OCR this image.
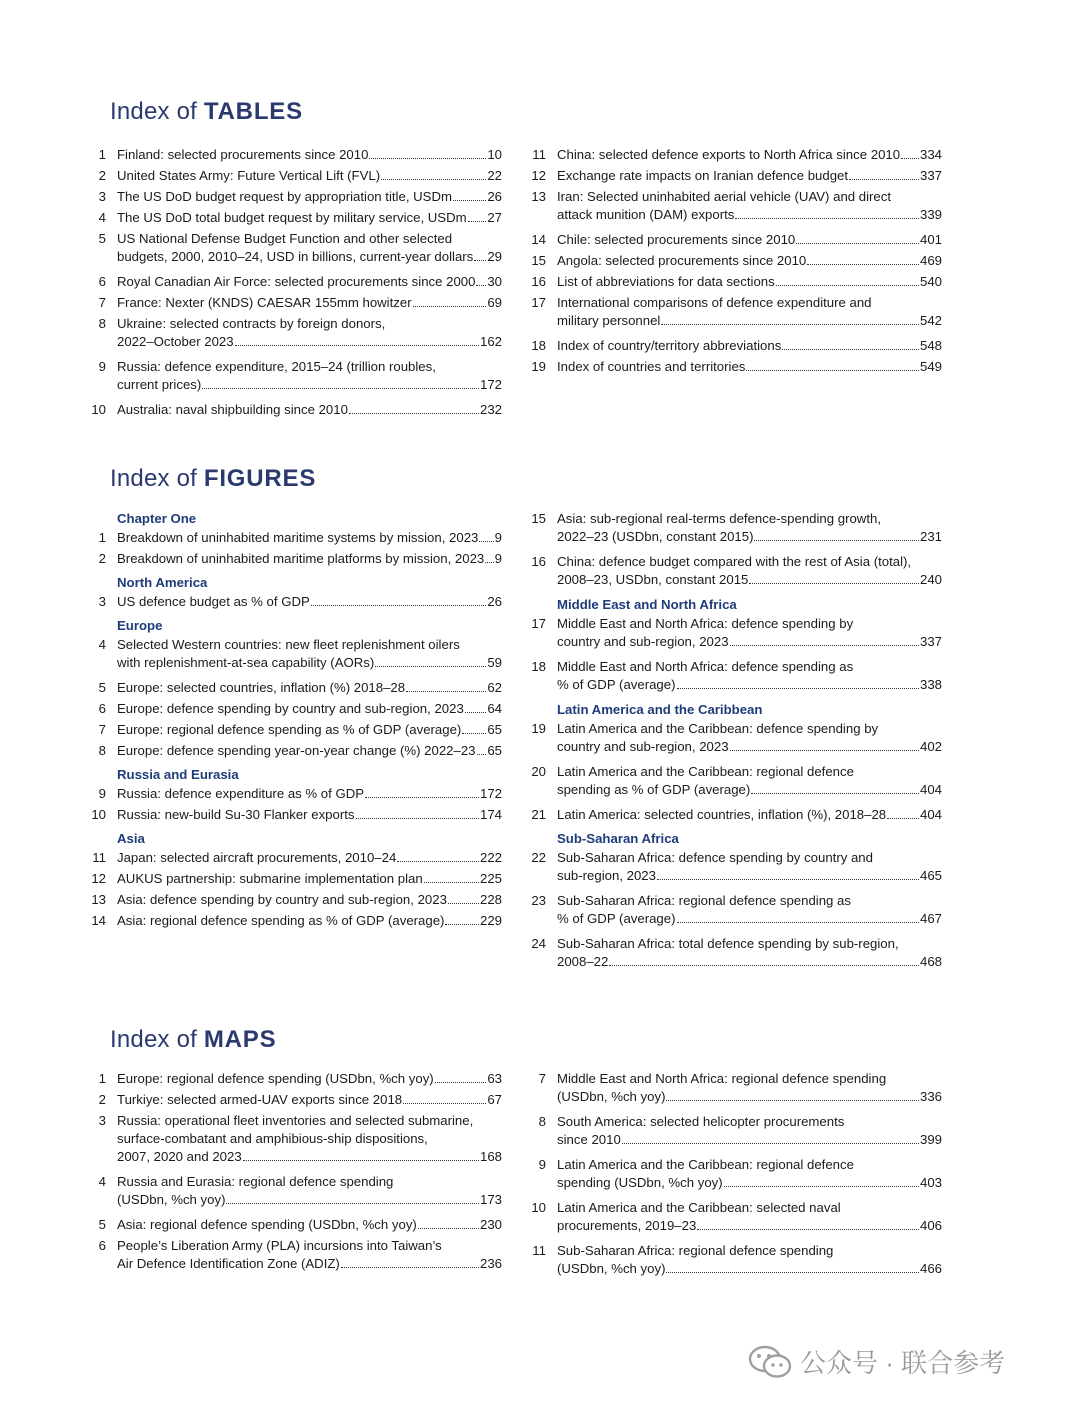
Index of TABLES
1 Finland: selected procurements since 2010	10
2 United States Army: Future Vertical Lift (FVL)	22
3 The US DoD budget request by appropriation title, USDm	26
4 The US DoD total budget request by military service, USDm 27
5 US National Defense Budget Function and other selected
budgets, 2000, 2010–24, USD in billions, current-year dollars 29
6 Royal Canadian Air Force: selected procurements since 2000 30
7 France: Nexter (KNDS) CAESAR 155mm howitzer	69
8 Ukraine: selected contracts by foreign donors,
2022–October 2023	162
9 Russia: defence expenditure, 2015–24 (trillion roubles,
current prices)	172
10 Australia: naval shipbuilding since 2010	232
11 China: selected defence exports to North Africa since 2010 334
12 Exchange rate impacts on Iranian defence budget	337
13 Iran: Selected uninhabited aerial vehicle (UAV) and direct
attack munition (DAM) exports	339
14 Chile: selected procurements since 2010	401
15 Angola: selected procurements since 2010	469
16 List of abbreviations for data sections	540
17 International comparisons of defence expenditure and
military personnel	542
18 Index of country/territory abbreviations	548
19 Index of countries and territories	549
Index of FIGURES
Chapter One
1 Breakdown of uninhabited maritime systems by mission, 2023 9
2 Breakdown of uninhabited maritime platforms by mission, 2023 9
North America
3 US defence budget as % of GDP	26
Europe
4 Selected Western countries: new fleet replenishment oilers
with replenishment-at-sea capability (AORs)	59
5 Europe: selected countries, inflation (%) 2018–28	62
6 Europe: defence spending by country and sub-region, 2023 64
7 Europe: regional defence spending as % of GDP (average) 65
8 Europe: defence spending year-on-year change (%) 2022–23 65
Russia and Eurasia
9 Russia: defence expenditure as % of GDP	172
10 Russia: new-build Su-30 Flanker exports	174
Asia
11 Japan: selected aircraft procurements, 2010–24	222
12 AUKUS partnership: submarine implementation plan	225
13 Asia: defence spending by country and sub-region, 2023	228
14 Asia: regional defence spending as % of GDP (average)	229
15 Asia: sub-regional real-terms defence-spending growth,
2022–23 (USDbn, constant 2015)	231
16 China: defence budget compared with the rest of Asia (total),
2008–23, USDbn, constant 2015	240
Middle East and North Africa
17 Middle East and North Africa: defence spending by
country and sub-region, 2023	337
18 Middle East and North Africa: defence spending as
% of GDP (average)	338
Latin America and the Caribbean
19 Latin America and the Caribbean: defence spending by
country and sub-region, 2023	402
20 Latin America and the Caribbean: regional defence
spending as % of GDP (average)	404
21 Latin America: selected countries, inflation (%), 2018–28	404
Sub-Saharan Africa
22 Sub-Saharan Africa: defence spending by country and
sub-region, 2023	465
23 Sub-Saharan Africa: regional defence spending as
% of GDP (average)	467
24 Sub-Saharan Africa: total defence spending by sub-region,
2008–22	468
Index of MAPS
1 Europe: regional defence spending (USDbn, %ch yoy)	63
2 Turkiye: selected armed-UAV exports since 2018	67
3 Russia: operational fleet inventories and selected submarine,
surface-combatant and amphibious-ship dispositions,
2007, 2020 and 2023	168
4 Russia and Eurasia: regional defence spending
(USDbn, %ch yoy)	173
5 Asia: regional defence spending (USDbn, %ch yoy)	230
6 People’s Liberation Army (PLA) incursions into Taiwan’s
Air Defence Identification Zone (ADIZ)	236
7 Middle East and North Africa: regional defence spending
(USDbn, %ch yoy)	336
8 South America: selected helicopter procurements
since 2010	399
9 Latin America and the Caribbean: regional defence
spending (USDbn, %ch yoy)	403
10 Latin America and the Caribbean: selected naval
procurements, 2019–23	406
11 Sub-Saharan Africa: regional defence spending
(USDbn, %ch yoy)	466
公众号 · 联合参考
